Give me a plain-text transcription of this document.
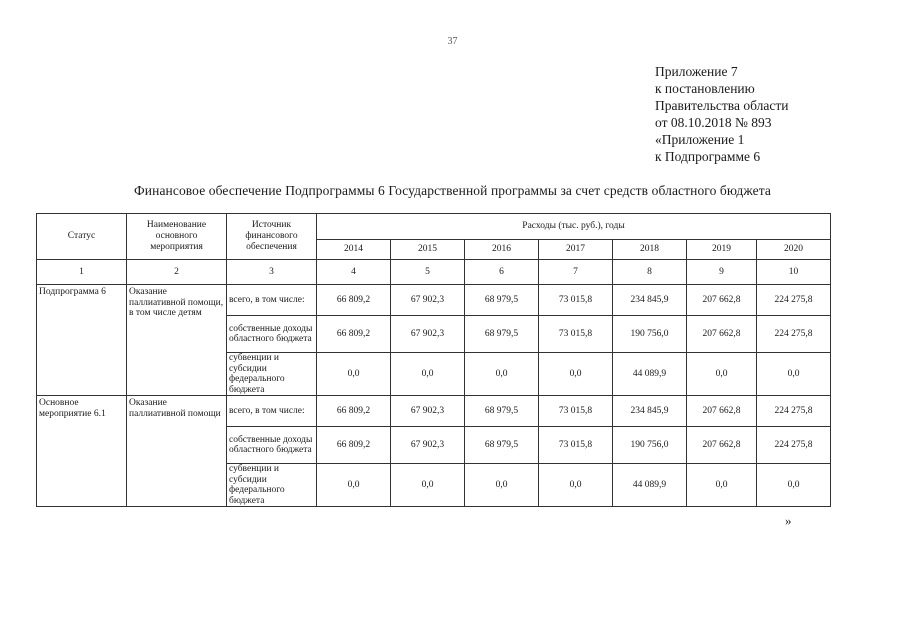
37
Приложение 7
к постановлению
Правительства области
от 08.10.2018 № 893
«Приложение 1
к Подпрограмме 6
Финансовое обеспечение Подпрограммы 6 Государственной программы за счет средств областного бюджета
Статус	Наименование основного мероприятия	Источник финансового обеспечения	Расходы (тыс. руб.), годы						
			2014	2015	2016	2017	2018	2019	2020
1	2	3	4	5	6	7	8	9	10
Подпрограмма 6	Оказание паллиативной помощи, в том числе детям	всего, в том числе:	66 809,2	67 902,3	68 979,5	73 015,8	234 845,9	207 662,8	224 275,8
		собственные доходы областного бюджета	66 809,2	67 902,3	68 979,5	73 015,8	190 756,0	207 662,8	224 275,8
		субвенции и субсидии федерального бюджета	0,0	0,0	0,0	0,0	44 089,9	0,0	0,0
Основное мероприятие 6.1	Оказание паллиативной помощи	всего, в том числе:	66 809,2	67 902,3	68 979,5	73 015,8	234 845,9	207 662,8	224 275,8
		собственные доходы областного бюджета	66 809,2	67 902,3	68 979,5	73 015,8	190 756,0	207 662,8	224 275,8
		субвенции и субсидии федерального бюджета	0,0	0,0	0,0	0,0	44 089,9	0,0	0,0
»
